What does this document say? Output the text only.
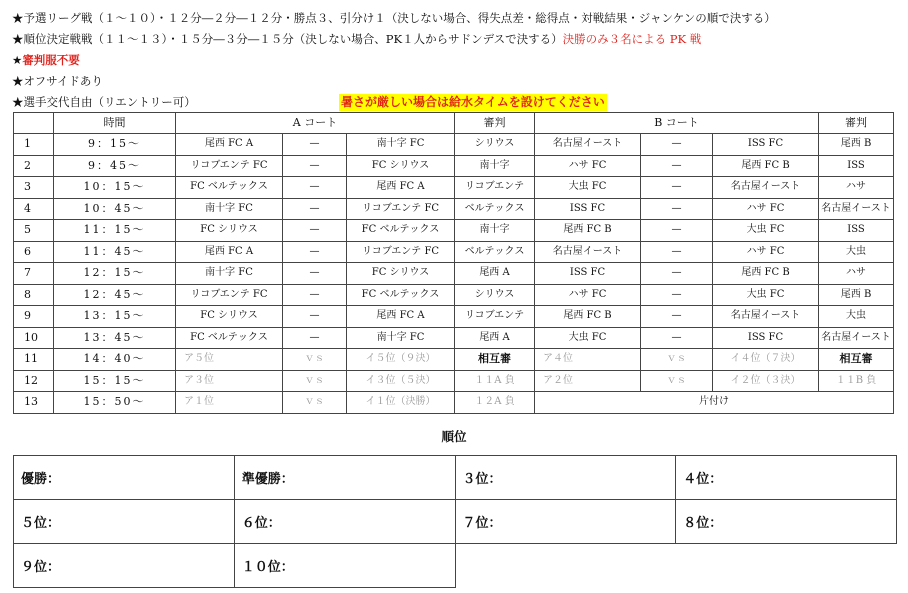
★予選リーグ戦（１〜１０）・１２分―２分―１２分・勝点３、引分け１（決しない場合、得失点差・総得点・対戦結果・ジャンケンの順で決する）
★順位決定戦戦（１１〜１３）・１５分―３分―１５分（決しない場合、PK１人からサドンデスで決する）決勝のみ３名による PK 戦
★審判服不要
★オフサイドあり
★選手交代自由（リエントリー可）	暑さが厳しい場合は給水タイムを設けてください
	時間	A コート			審判	B コート			審判
1	9：15〜	尾西 FC A	—	南十字 FC	シリウス	名古屋イースト	—	ISS FC	尾西 B
2	9：45〜	リコブエンテ FC	—	FC シリウス	南十字	ハサ FC	—	尾西 FC B	ISS
3	10：15〜	FC ベルテックス	—	尾西 FC A	リコブエンテ	大虫 FC	—	名古屋イースト	ハサ
4	10：45〜	南十字 FC	—	リコブエンテ FC	ベルテックス	ISS FC	—	ハサ FC	名古屋イースト
5	11：15〜	FC シリウス	—	FC ベルテックス	南十字	尾西 FC B	—	大虫 FC	ISS
6	11：45〜	尾西 FC A	—	リコブエンテ FC	ベルテックス	名古屋イースト	—	ハサ FC	大虫
7	12：15〜	南十字 FC	—	FC シリウス	尾西 A	ISS FC	—	尾西 FC B	ハサ
8	12：45〜	リコブエンテ FC	—	FC ベルテックス	シリウス	ハサ FC	—	大虫 FC	尾西 B
9	13：15〜	FC シリウス	—	尾西 FC A	リコブエンテ	尾西 FC B	—	名古屋イースト	大虫
10	13：45〜	FC ベルテックス	—	南十字 FC	尾西 A	大虫 FC	—	ISS FC	名古屋イースト
11	14：40〜	ア５位	ｖｓ	イ５位（９決）	相互審	ア４位	ｖｓ	イ４位（７決）	相互審
12	15：15〜	ア３位	ｖｓ	イ３位（５決）	１１A 負	ア２位	ｖｓ	イ２位（３決）	１１B 負
13	15：50〜	ア１位	ｖｓ	イ１位（決勝）	１２A 負	片付け			
順位
優勝：	準優勝：	３位：	４位：
５位：	６位：	７位：	８位：
９位：	１０位：		
